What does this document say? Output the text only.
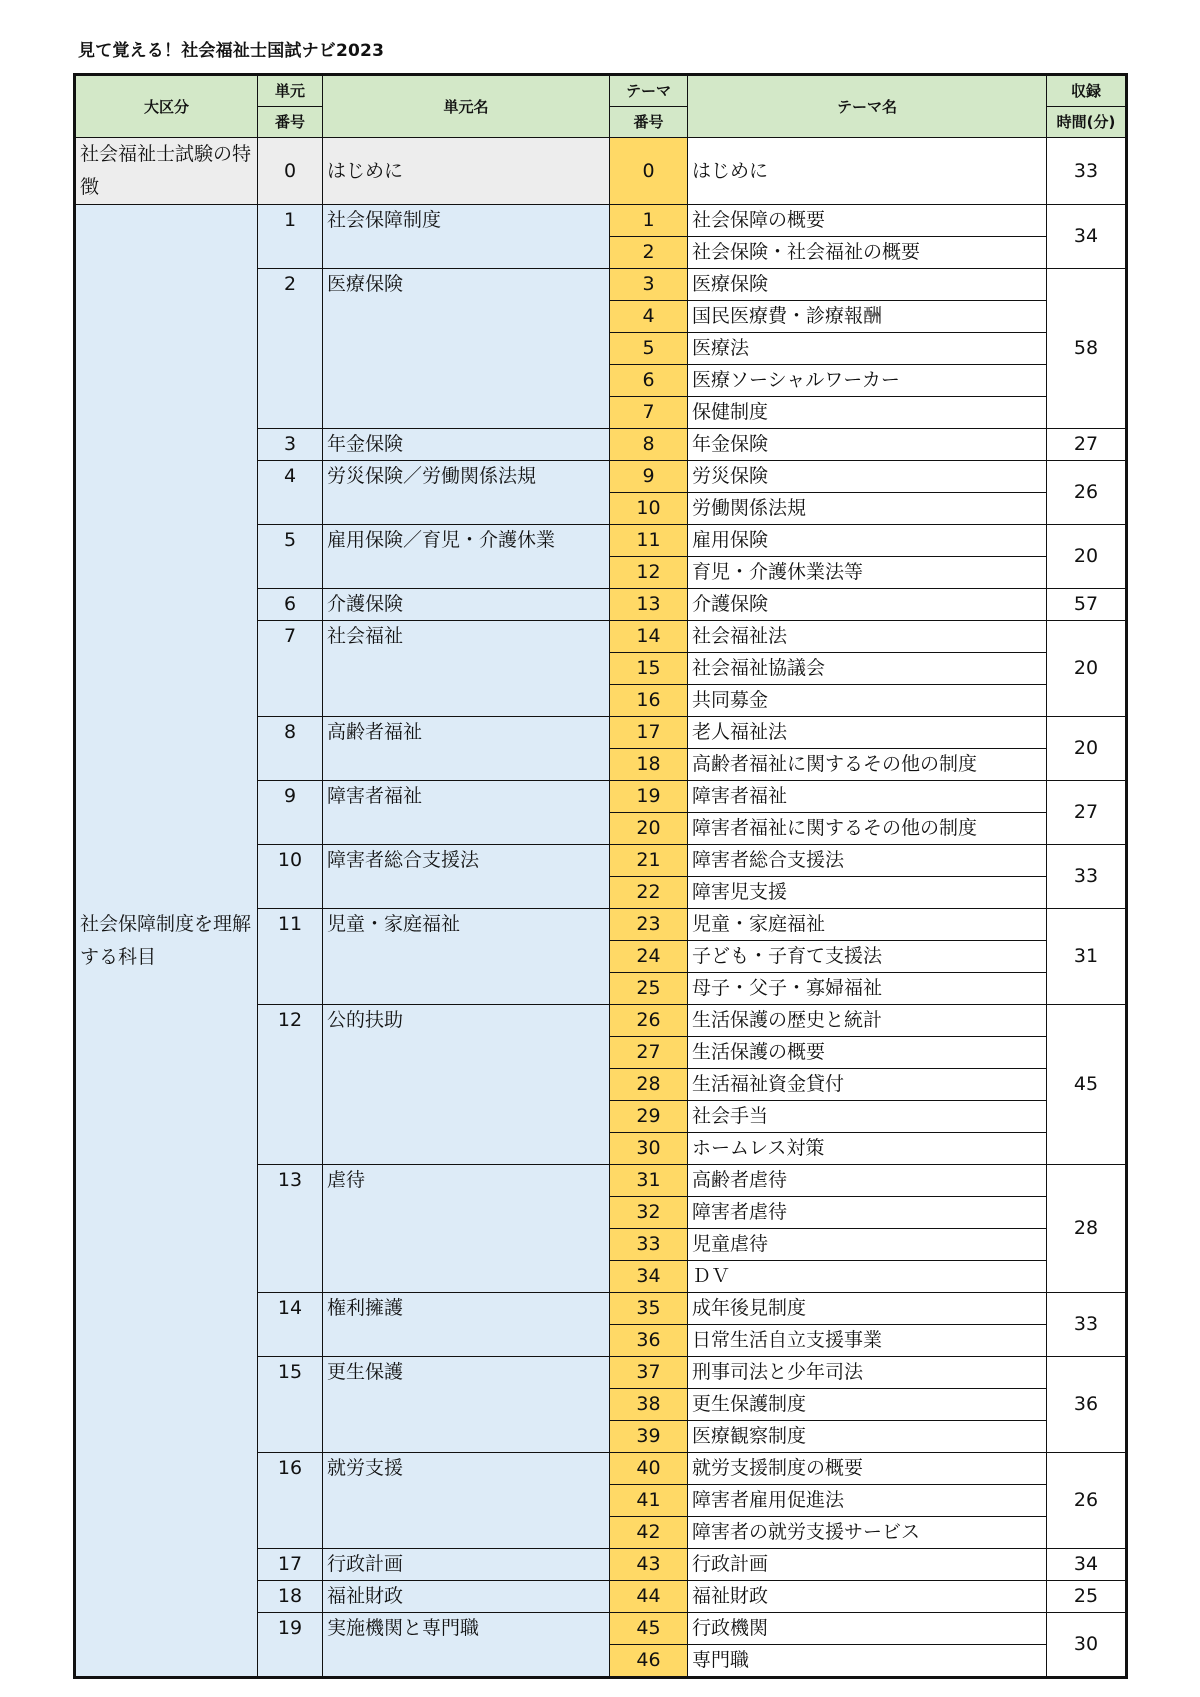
見て覚える！社会福祉士国試ナビ2023
大区分	単元	単元名	テーマ	テーマ名	収録
	番号		番号		時間(分)
社会福祉士試験の特徴	0	はじめに	0	はじめに	33
社会保障制度を理解する科目	1	社会保障制度	1	社会保障の概要	34
			2	社会保険・社会福祉の概要	
	2	医療保険	3	医療保険	58
			4	国民医療費・診療報酬	
			5	医療法	
			6	医療ソーシャルワーカー	
			7	保健制度	
	3	年金保険	8	年金保険	27
	4	労災保険／労働関係法規	9	労災保険	26
			10	労働関係法規	
	5	雇用保険／育児・介護休業	11	雇用保険	20
			12	育児・介護休業法等	
	6	介護保険	13	介護保険	57
	7	社会福祉	14	社会福祉法	20
			15	社会福祉協議会	
			16	共同募金	
	8	高齢者福祉	17	老人福祉法	20
			18	高齢者福祉に関するその他の制度	
	9	障害者福祉	19	障害者福祉	27
			20	障害者福祉に関するその他の制度	
	10	障害者総合支援法	21	障害者総合支援法	33
			22	障害児支援	
	11	児童・家庭福祉	23	児童・家庭福祉	31
			24	子ども・子育て支援法	
			25	母子・父子・寡婦福祉	
	12	公的扶助	26	生活保護の歴史と統計	45
			27	生活保護の概要	
			28	生活福祉資金貸付	
			29	社会手当	
			30	ホームレス対策	
	13	虐待	31	高齢者虐待	28
			32	障害者虐待	
			33	児童虐待	
			34	ＤＶ	
	14	権利擁護	35	成年後見制度	33
			36	日常生活自立支援事業	
	15	更生保護	37	刑事司法と少年司法	36
			38	更生保護制度	
			39	医療観察制度	
	16	就労支援	40	就労支援制度の概要	26
			41	障害者雇用促進法	
			42	障害者の就労支援サービス	
	17	行政計画	43	行政計画	34
	18	福祉財政	44	福祉財政	25
	19	実施機関と専門職	45	行政機関	30
			46	専門職	
